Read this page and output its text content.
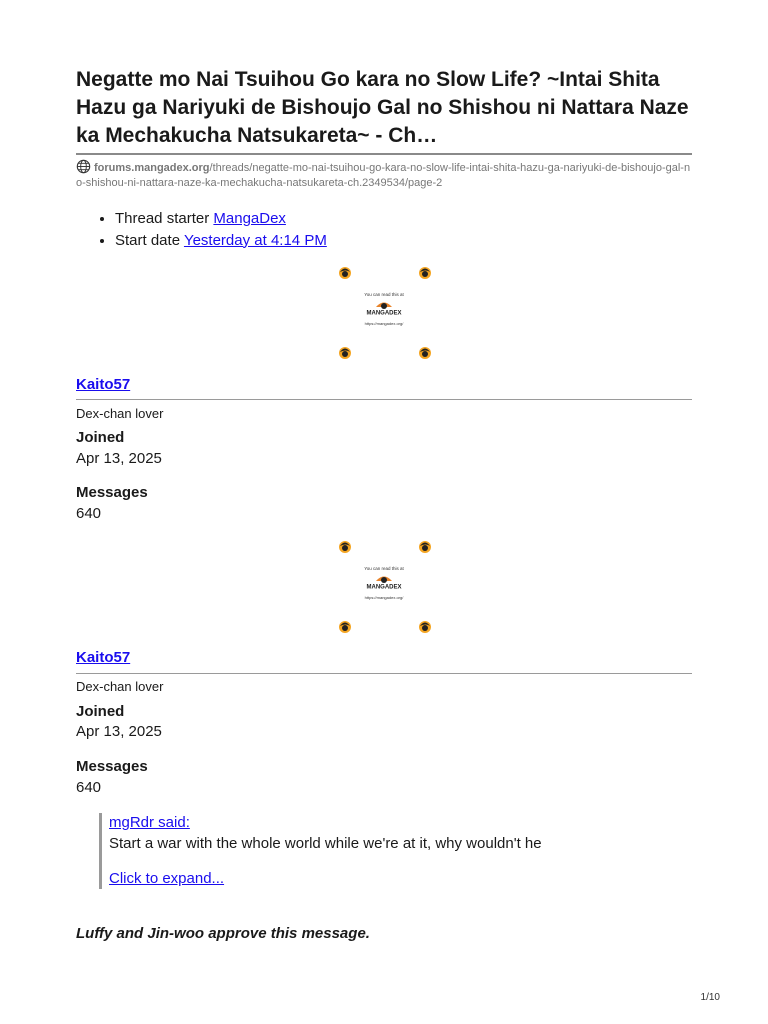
Negatte mo Nai Tsuihou Go kara no Slow Life? ~Intai Shita Hazu ga Nariyuki de Bishoujo Gal no Shishou ni Nattara Naze ka Mechakucha Natsukareta~ - Ch…
forums.mangadex.org/threads/negatte-mo-nai-tsuihou-go-kara-no-slow-life-intai-shita-hazu-ga-nariyuki-de-bishoujo-gal-no-shishou-ni-nattara-naze-ka-mechakucha-natsukareta-ch.2349534/page-2
• Thread starter MangaDex
• Start date Yesterday at 4:14 PM
You can read this at
MANGADEX
https://mangadex.org/
Kaito57
Dex-chan lover
Joined
Apr 13, 2025
Messages
640
You can read this at
MANGADEX
https://mangadex.org/
Kaito57
Dex-chan lover
Joined
Apr 13, 2025
Messages
640
mgRdr said:
Start a war with the whole world while we're at it, why wouldn't he
Click to expand...
Luffy and Jin-woo approve this message.
1/10
